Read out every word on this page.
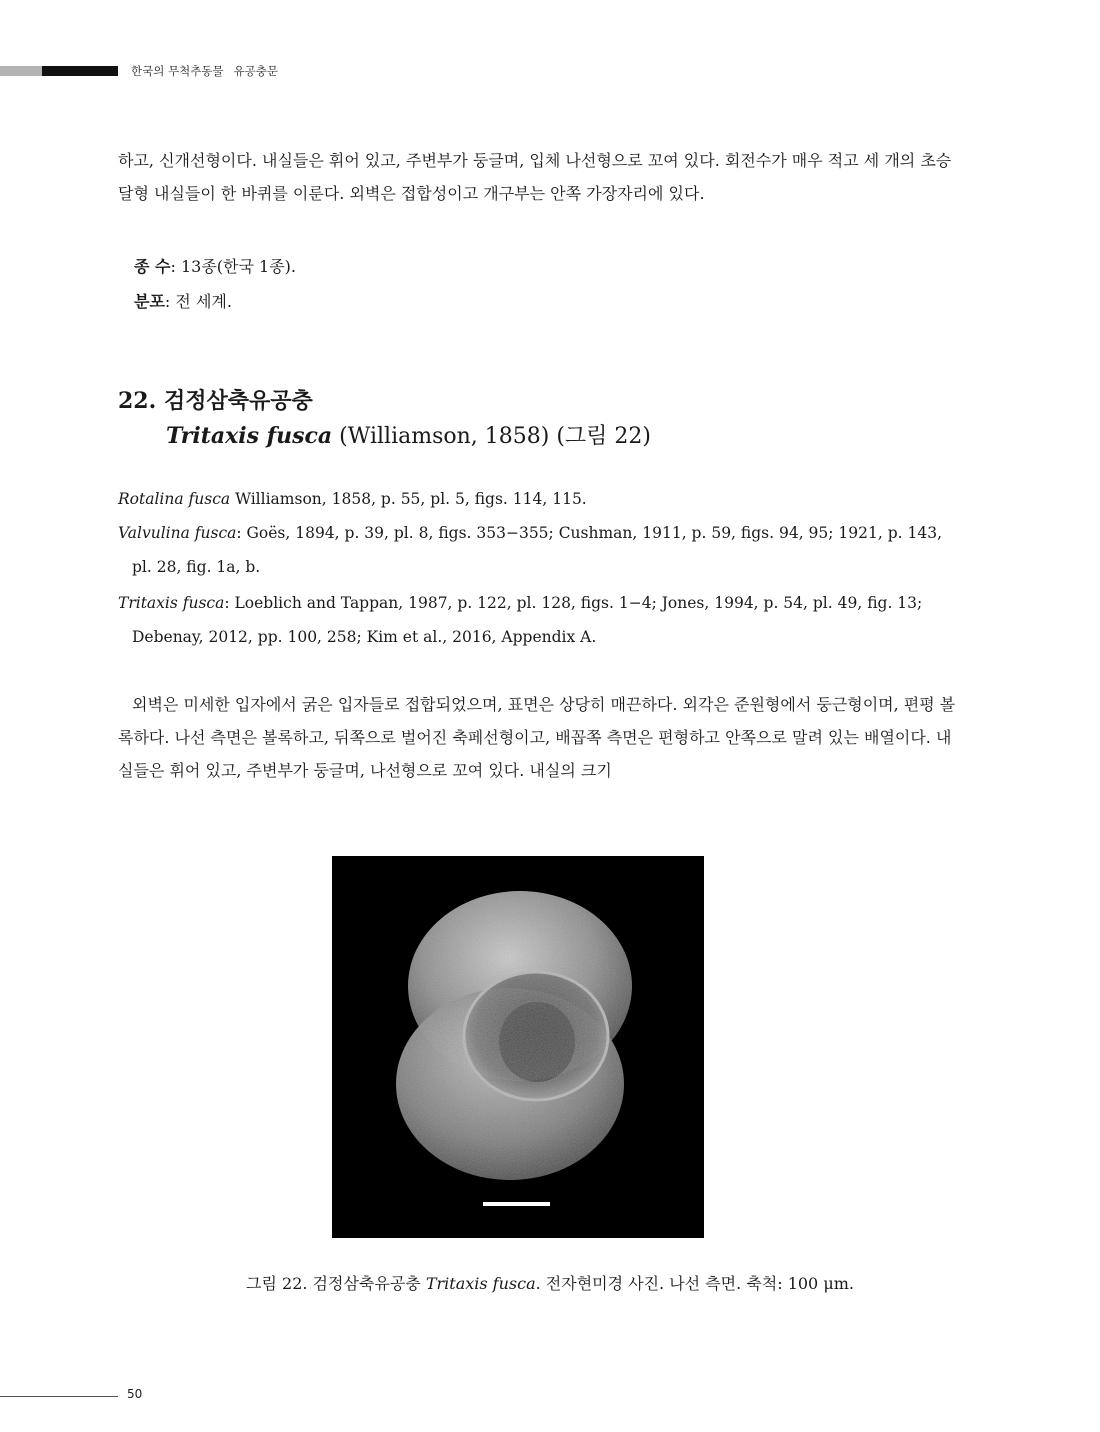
한국의 무척추동물 유공충문
하고, 신개선형이다. 내실들은 휘어 있고, 주변부가 둥글며, 입체 나선형으로 꼬여 있다. 회전수가 매우 적고 세 개의 초승달형 내실들이 한 바퀴를 이룬다. 외벽은 접합성이고 개구부는 안쪽 가장자리에 있다.
종 수: 13종(한국 1종).
분포: 전 세계.
22. 검정삼축유공충
Tritaxis fusca (Williamson, 1858) (그림 22)
Rotalina fusca Williamson, 1858, p. 55, pl. 5, figs. 114, 115.
Valvulina fusca: Goës, 1894, p. 39, pl. 8, figs. 353−355; Cushman, 1911, p. 59, figs. 94, 95; 1921, p. 143, pl. 28, fig. 1a, b.
Tritaxis fusca: Loeblich and Tappan, 1987, p. 122, pl. 128, figs. 1−4; Jones, 1994, p. 54, pl. 49, fig. 13; Debenay, 2012, pp. 100, 258; Kim et al., 2016, Appendix A.
외벽은 미세한 입자에서 굵은 입자들로 접합되었으며, 표면은 상당히 매끈하다. 외각은 준원형에서 둥근형이며, 편평 볼록하다. 나선 측면은 볼록하고, 뒤쪽으로 벌어진 축페선형이고, 배꼽쪽 측면은 편형하고 안쪽으로 말려 있는 배열이다. 내실들은 휘어 있고, 주변부가 둥글며, 나선형으로 꼬여 있다. 내실의 크기
그림 22. 검정삼축유공충 Tritaxis fusca. 전자현미경 사진. 나선 측면. 축척: 100 μm.
50
